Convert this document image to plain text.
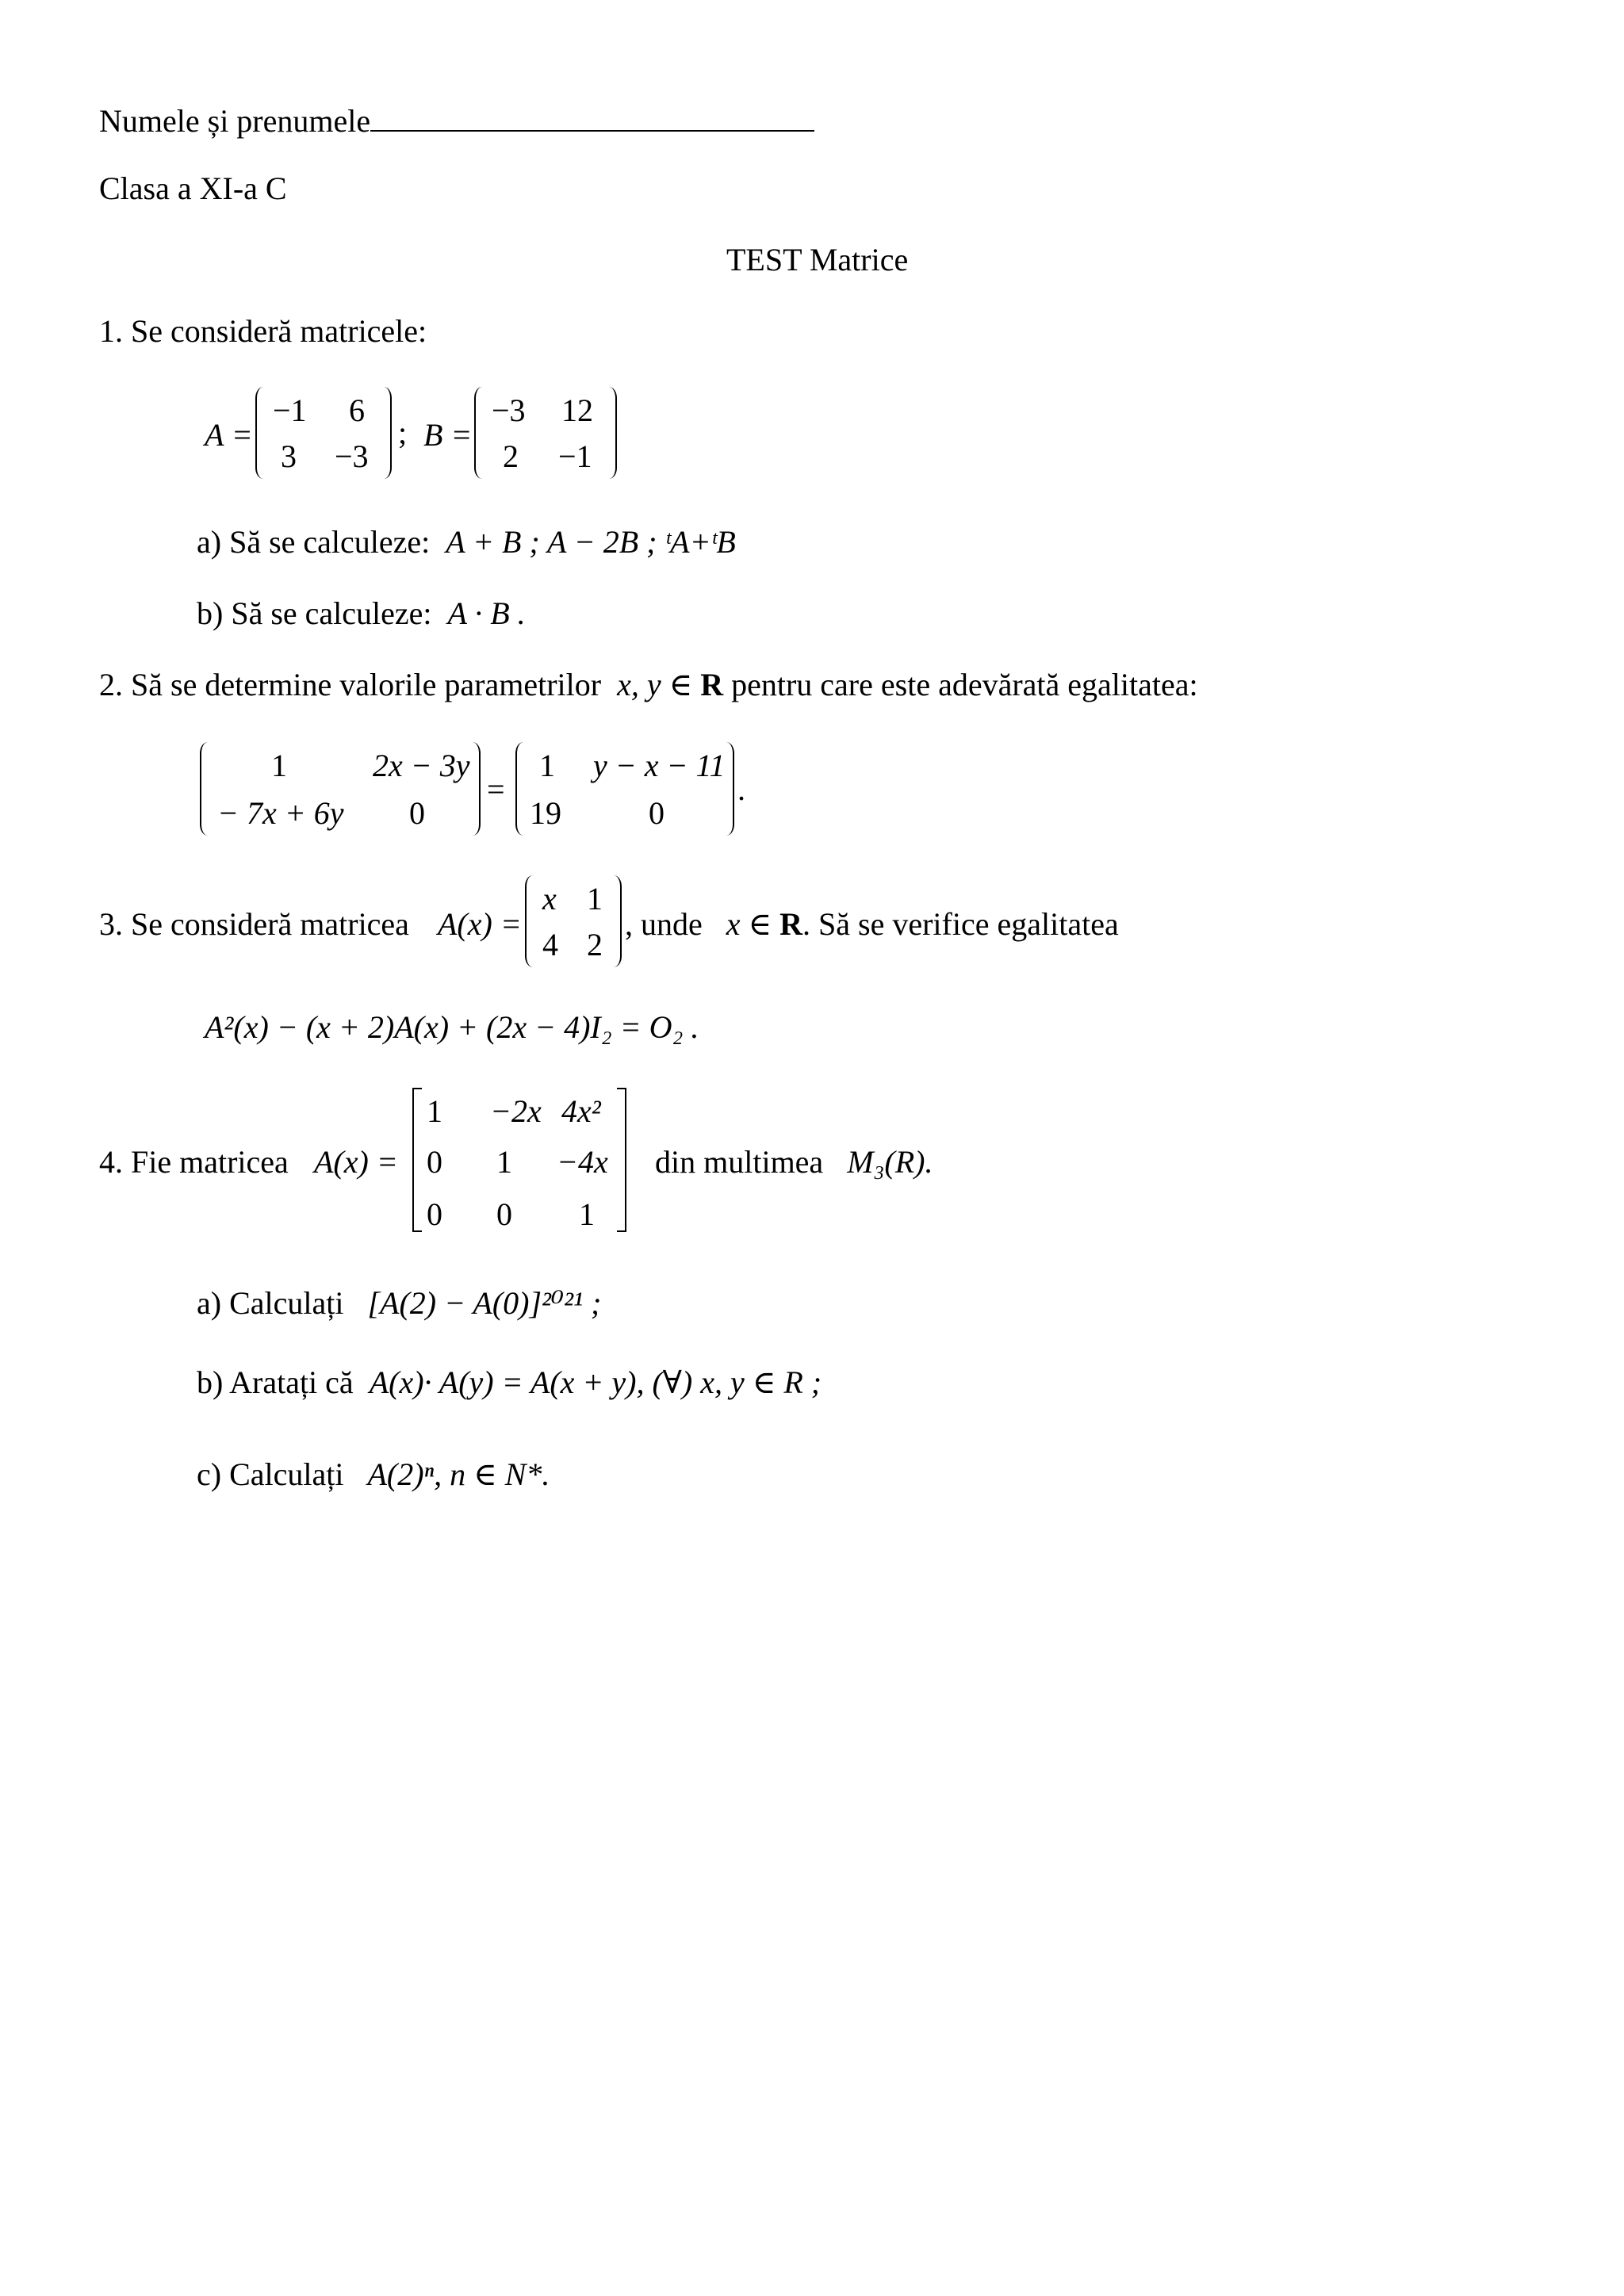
Numele și prenumele
Clasa a XI-a C
TEST Matrice
1. Se consideră matricele:
A =
−1 6
3 −3
; B =
−3 12
2 −1
a) Să se calculeze: A + B ; A − 2B ; ᵗA+ᵗB
b) Să se calculeze: A · B .
2. Să se determine valorile parametrilor x, y ∈ R pentru care este adevărată egalitatea:
1	2x − 3y
− 7x + 6y 0
=
1 y − x − 11
19	0
.
3. Se consideră matricea A(x) =
x 1
4 2
, unde x ∈ R. Să se verifice egalitatea
A²(x) − (x + 2)A(x) + (2x − 4)I₂ = O₂ .
4. Fie matricea A(x) =
1 −2x 4x²
0 1 −4x
0 0 1
din multimea M₃(R).
a) Calculați [A(2) − A(0)]²⁰²¹ ;
b) Aratați că A(x)· A(y) = A(x + y), (∀) x, y ∈ R ;
c) Calculați A(2)ⁿ, n ∈ N*.
